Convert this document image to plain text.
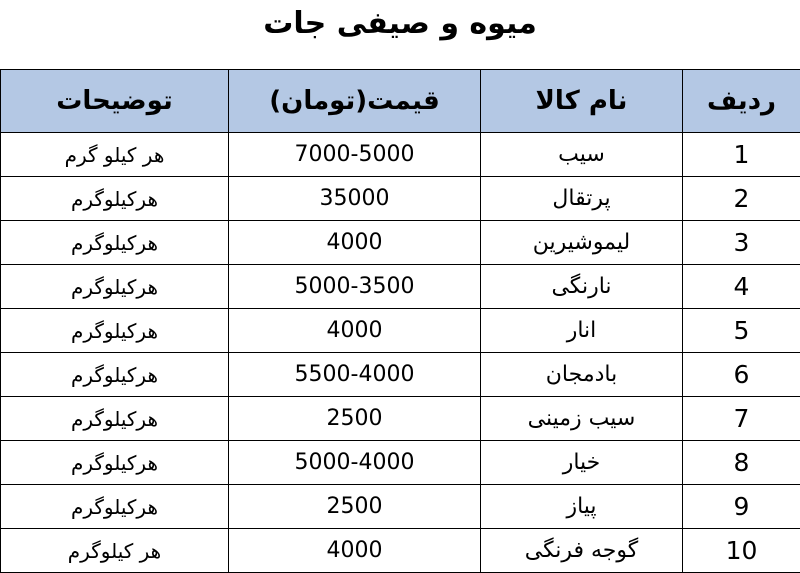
میوه و صیفی جات
ردیف	نام کالا	قیمت(تومان)	توضیحات
1	سیب	7000-5000	هر کیلو گرم
2	پرتقال	35000	هرکیلوگرم
3	لیموشیرین	4000	هرکیلوگرم
4	نارنگی	5000-3500	هرکیلوگرم
5	انار	4000	هرکیلوگرم
6	بادمجان	5500-4000	هرکیلوگرم
7	سیب زمینی	2500	هرکیلوگرم
8	خیار	5000-4000	هرکیلوگرم
9	پیاز	2500	هرکیلوگرم
10	گوجه فرنگی	4000	هر کیلوگرم
